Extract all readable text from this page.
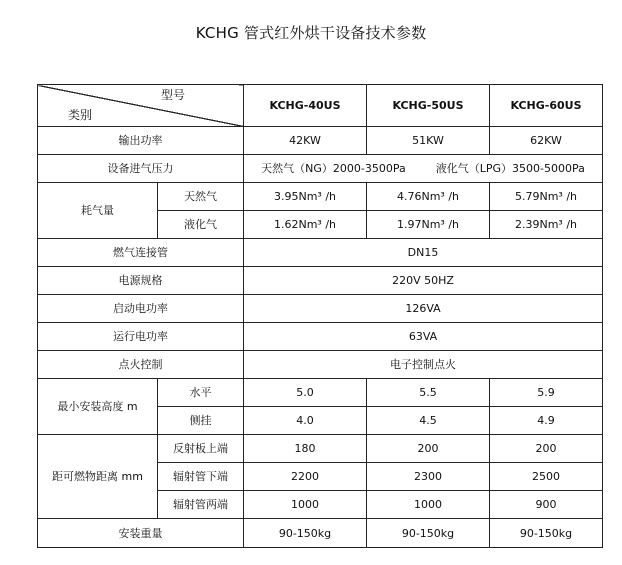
KCHG 管式红外烘干设备技术参数
型号
类别		KCHG-40US	KCHG-50US	KCHG-60US
输出功率		42KW	51KW	62KW
设备进气压力		天然气（NG）2000-3500Pa 液化气（LPG）3500-5000Pa		
耗气量	天然气	3.95Nm³ /h	4.76Nm³ /h	5.79Nm³ /h
	液化气	1.62Nm³ /h	1.97Nm³ /h	2.39Nm³ /h
燃气连接管		DN15		
电源规格		220V 50HZ		
启动电功率		126VA		
运行电功率		63VA		
点火控制		电子控制点火		
最小安装高度 m	水平	5.0	5.5	5.9
	侧挂	4.0	4.5	4.9
距可燃物距离 mm	反射板上端	180	200	200
	辐射管下端	2200	2300	2500
	辐射管两端	1000	1000	900
安装重量		90-150kg	90-150kg	90-150kg
